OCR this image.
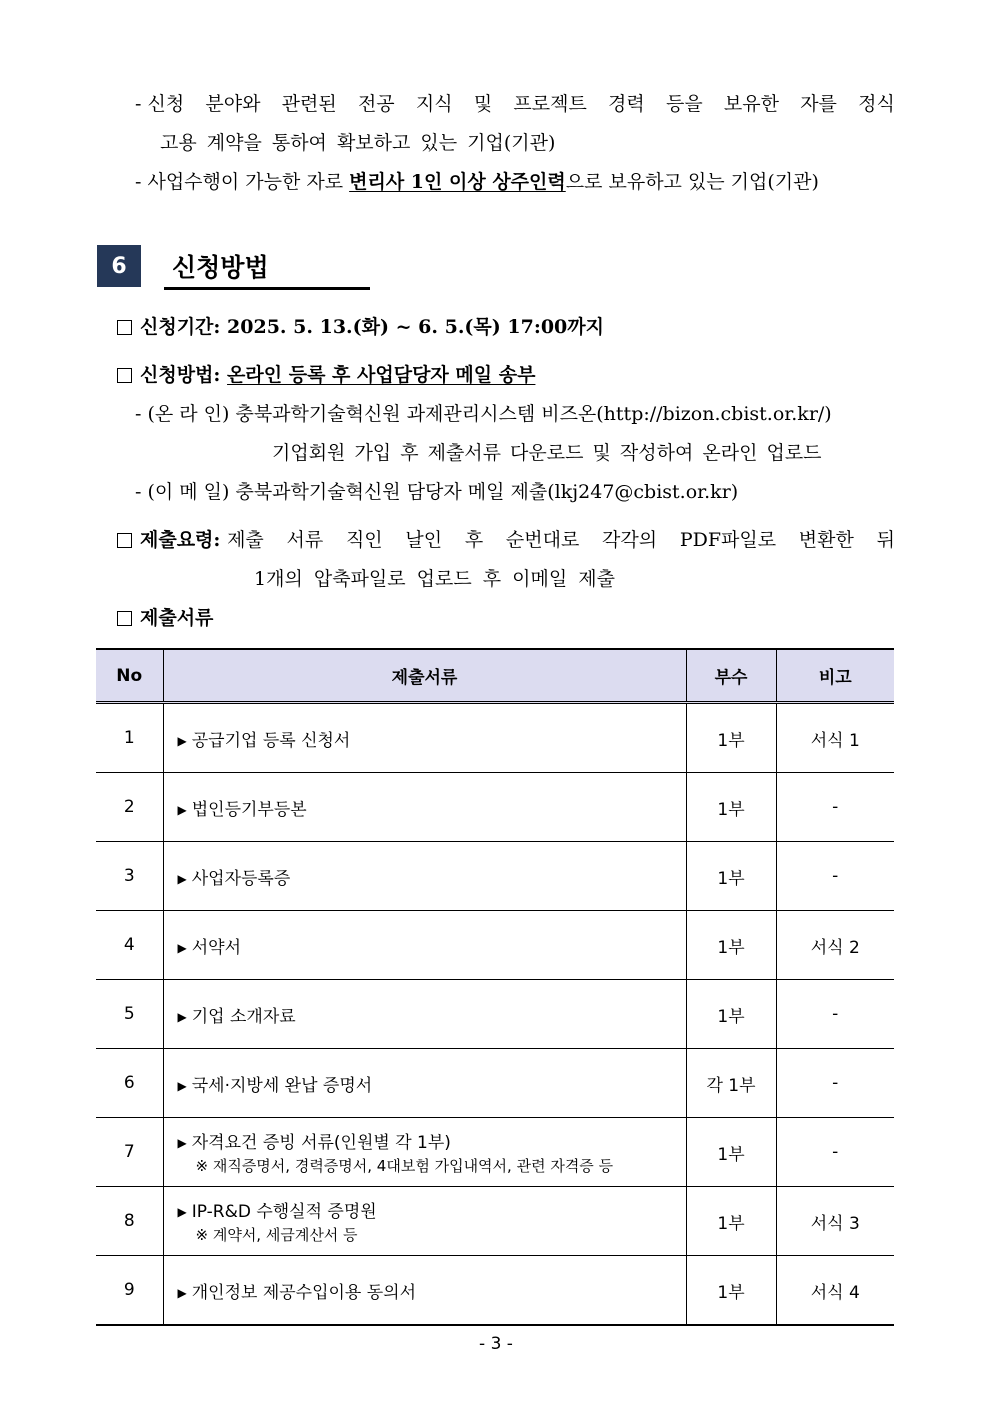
- 신청 분야와 관련된 전공 지식 및 프로젝트 경력 등을 보유한 자를 정식
고용 계약을 통하여 확보하고 있는 기업(기관)
- 사업수행이 가능한 자로 변리사 1인 이상 상주인력으로 보유하고 있는 기업(기관)
6	신청방법
신청기간: 2025. 5. 13.(화) ~ 6. 5.(목) 17:00까지
신청방법: 온라인 등록 후 사업담당자 메일 송부
- (온 라 인) 충북과학기술혁신원 과제관리시스템 비즈온(http://bizon.cbist.or.kr/)
기업회원 가입 후 제출서류 다운로드 및 작성하여 온라인 업로드
- (이 메 일) 충북과학기술혁신원 담당자 메일 제출(lkj247@cbist.or.kr)
제출요령: 제출 서류 직인 날인 후 순번대로 각각의 PDF파일로 변환한 뒤
1개의 압축파일로 업로드 후 이메일 제출
제출서류
No	제출서류	부수	비고
1	▶ 공급기업 등록 신청서	1부	서식 1
2	▶ 법인등기부등본	1부	-
3	▶ 사업자등록증	1부	-
4	▶ 서약서	1부	서식 2
5	▶ 기업 소개자료	1부	-
6	▶ 국세·지방세 완납 증명서	각 1부	-
7	▶ 자격요건 증빙 서류(인원별 각 1부)
※ 재직증명서, 경력증명서, 4대보험 가입내역서, 관련 자격증 등	1부	-
8	▶ IP-R&D 수행실적 증명원
※ 계약서, 세금계산서 등	1부	서식 3
9	▶ 개인정보 제공수입이용 동의서	1부	서식 4
- 3 -
